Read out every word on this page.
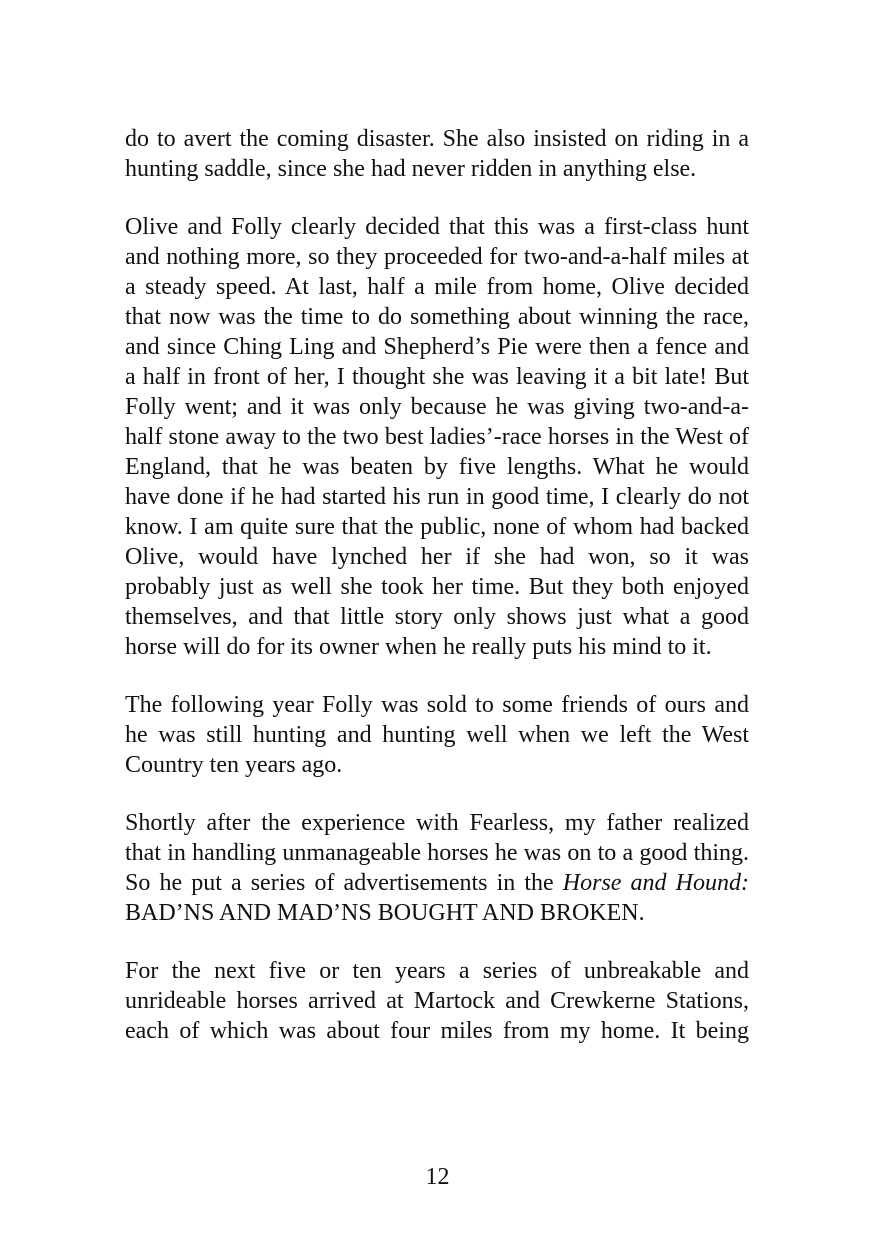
do to avert the coming disaster. She also insisted on riding in a hunting saddle, since she had never ridden in anything else.

Olive and Folly clearly decided that this was a first-class hunt and nothing more, so they proceeded for two-and-a-half miles at a steady speed. At last, half a mile from home, Olive decided that now was the time to do something about winning the race, and since Ching Ling and Shepherd’s Pie were then a fence and a half in front of her, I thought she was leaving it a bit late! But Folly went; and it was only because he was giving two-and-a-half stone away to the two best ladies’-race horses in the West of England, that he was beaten by five lengths. What he would have done if he had started his run in good time, I clearly do not know. I am quite sure that the public, none of whom had backed Olive, would have lynched her if she had won, so it was probably just as well she took her time. But they both enjoyed themselves, and that little story only shows just what a good horse will do for its owner when he really puts his mind to it.

The following year Folly was sold to some friends of ours and he was still hunting and hunting well when we left the West Country ten years ago.

Shortly after the experience with Fearless, my father realized that in handling unmanageable horses he was on to a good thing. So he put a series of advertisements in the Horse and Hound: BAD’NS AND MAD’NS BOUGHT AND BROKEN.

For the next five or ten years a series of unbreakable and unrideable horses arrived at Martock and Crewkerne Stations, each of which was about four miles from my home. It being

12
